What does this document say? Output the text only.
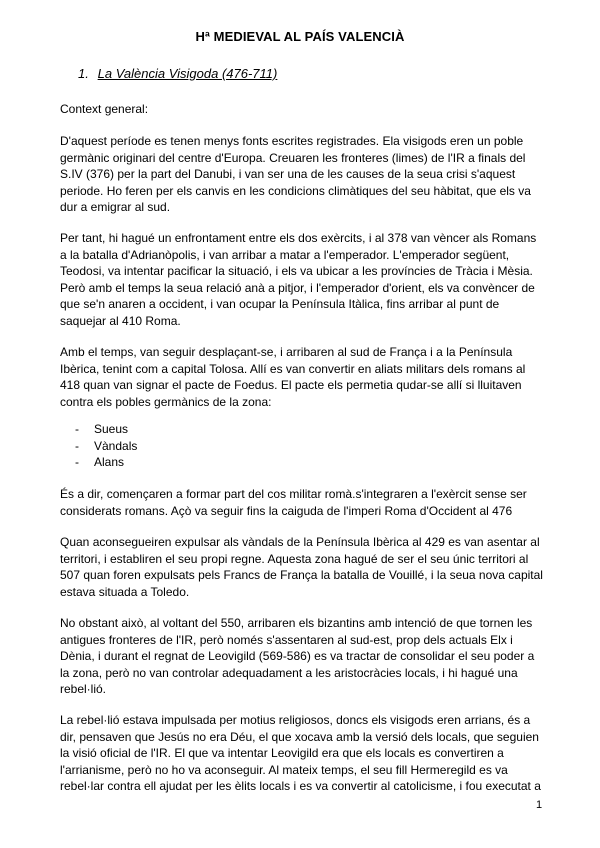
Hª MEDIEVAL AL PAÍS VALENCIÀ
1. La València Visigoda (476-711)

Context general:

D'aquest període es tenen menys fonts escrites registrades. Ela visigods eren un poble germànic originari del centre d'Europa. Creuaren les fronteres (limes) de l'IR a finals del S.IV (376) per la part del Danubi, i van ser una de les causes de la seua crisi s'aquest periode. Ho feren per els canvis en les condicions climàtiques del seu hàbitat, que els va dur a emigrar al sud.

Per tant, hi hagué un enfrontament entre els dos exèrcits, i al 378 van vèncer als Romans a la batalla d'Adrianòpolis, i van arribar a matar a l'emperador. L'emperador següent, Teodosi, va intentar pacificar la situació, i els va ubicar a les províncies de Tràcia i Mèsia. Però amb el temps la seua relació anà a pitjor, i l'emperador d'orient, els va convèncer de que se'n anaren a occident, i van ocupar la Península Itàlica, fins arribar al punt de saquejar al 410 Roma.

Amb el temps, van seguir desplaçant-se, i arribaren al sud de França i a la Península Ibèrica, tenint com a capital Tolosa. Allí es van convertir en aliats militars dels romans al 418 quan van signar el pacte de Foedus. El pacte els permetia qudar-se allí si lluitaven contra els pobles germànics de la zona:

-	Sueus
-	Vàndals
-	Alans

És a dir, començaren a formar part del cos militar romà.s'integraren a l'exèrcit sense ser considerats romans. Açò va seguir fins la caiguda de l'imperi Roma d'Occident al 476

Quan aconsegueiren expulsar als vàndals de la Península Ibèrica al 429 es van asentar al territori, i establiren el seu propi regne. Aquesta zona hagué de ser el seu únic territori al 507 quan foren expulsats pels Francs de França la batalla de Vouillé, i la seua nova capital estava situada a Toledo.

No obstant això, al voltant del 550, arribaren els bizantins amb intenció de que tornen les antigues fronteres de l'IR, però només s'assentaren al sud-est, prop dels actuals Elx i Dènia, i durant el regnat de Leovigild (569-586) es va tractar de consolidar el seu poder a la zona, però no van controlar adequadament a les aristocràcies locals, i hi hagué una rebel·lió.

La rebel·lió estava impulsada per motius religiosos, doncs els visigods eren arrians, és a dir, pensaven que Jesús no era Déu, el que xocava amb la versió dels locals, que seguien la visió oficial de l'IR. El que va intentar Leovigild era que els locals es convertiren a l'arrianisme, però no ho va aconseguir. Al mateix temps, el seu fill Hermeregild es va rebel·lar contra ell ajudat per les èlits locals i es va convertir al catolicisme, i fou executat a

1
